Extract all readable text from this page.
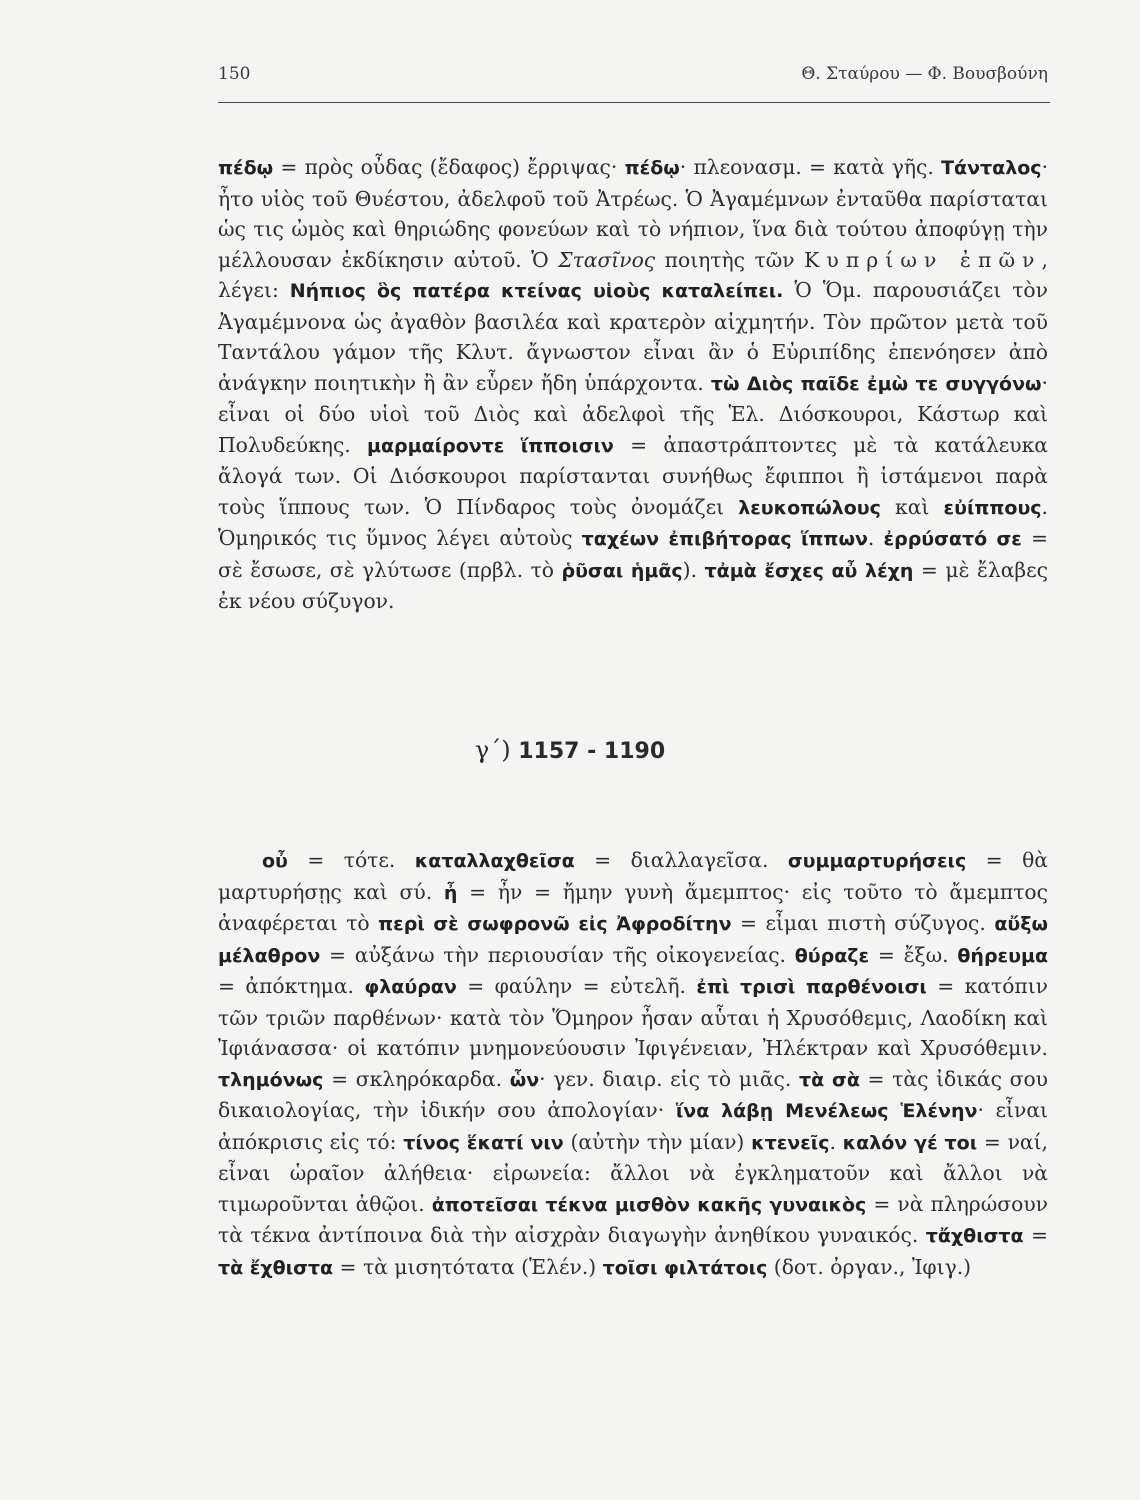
150	Θ. Σταύρου — Φ. Βουσβούνη

πέδῳ = πρὸς οὖδας (ἔδαφος) ἔρριψας· πέδῳ· πλεονασμ. = κατὰ γῆς. Τάνταλος· ἦτο υἱὸς τοῦ Θυέστου, ἀδελφοῦ τοῦ Ἀτρέως. Ὁ Ἀγαμέμνων ἐνταῦθα παρίσταται ὡς τις ὠμὸς καὶ θηριώδης φονεύων καὶ τὸ νήπιον, ἵνα διὰ τούτου ἀποφύγῃ τὴν μέλλουσαν ἐκδίκησιν αὐτοῦ. Ὁ Στασῖνος ποιητὴς τῶν Κυπρίων ἐπῶν, λέγει: Νήπιος ὃς πατέρα κτείνας υἱοὺς καταλείπει. Ὁ Ὅμ. παρουσιάζει τὸν Ἀγαμέμνονα ὡς ἀγαθὸν βασιλέα καὶ κρατερὸν αἰχμητήν. Τὸν πρῶτον μετὰ τοῦ Ταντάλου γάμον τῆς Κλυτ. ἄγνωστον εἶναι ἂν ὁ Εὐριπίδης ἐπενόησεν ἀπὸ ἀνάγκην ποιητικὴν ἢ ἂν εὗρεν ἤδη ὑπάρχοντα. τὼ Διὸς παῖδε ἐμὼ τε συγγόνω· εἶναι οἱ δύο υἱοὶ τοῦ Διὸς καὶ ἀδελφοὶ τῆς Ἑλ. Διόσκουροι, Κάστωρ καὶ Πολυδεύκης. μαρμαίροντε ἵπποισιν = ἀπαστράπτοντες μὲ τὰ κατάλευκα ἄλογά των. Οἱ Διόσκουροι παρίστανται συνήθως ἔφιπποι ἢ ἱστάμενοι παρὰ τοὺς ἵππους των. Ὁ Πίνδαρος τοὺς ὀνομάζει λευκοπώλους καὶ εὐίππους. Ὁμηρικός τις ὕμνος λέγει αὐτοὺς ταχέων ἐπιβήτορας ἵππων. ἐρρύσατό σε = σὲ ἔσωσε, σὲ γλύτωσε (πρβλ. τὸ ῥῦσαι ἡμᾶς). τἀμὰ ἔσχες αὖ λέχη = μὲ ἔλαβες ἐκ νέου σύζυγον.

γ´) 1157 - 1190

οὖ = τότε. καταλλαχθεῖσα = διαλλαγεῖσα. συμμαρτυρήσεις = θὰ μαρτυρήσῃς καὶ σύ. ἦ = ἦν = ἤμην γυνὴ ἄμεμπτος· εἰς τοῦτο τὸ ἄμεμπτος ἀναφέρεται τὸ περὶ σὲ σωφρονῶ εἰς Ἀφροδίτην = εἶμαι πιστὴ σύζυγος. αὔξω μέλαθρον = αὐξάνω τὴν περιουσίαν τῆς οἰκογενείας. θύραζε = ἔξω. θήρευμα = ἀπόκτημα. φλαύραν = φαύλην = εὐτελῆ. ἐπὶ τρισὶ παρθένοισι = κατόπιν τῶν τριῶν παρθένων· κατὰ τὸν Ὅμηρον ἦσαν αὗται ἡ Χρυσόθεμις, Λαοδίκη καὶ Ἰφιάνασσα· οἱ κατόπιν μνημονεύουσιν Ἰφιγένειαν, Ἠλέκτραν καὶ Χρυσόθεμιν. τλημόνως = σκληρόκαρδα. ὧν· γεν. διαιρ. εἰς τὸ μιᾶς. τὰ σὰ = τὰς ἰδικάς σου δικαιολογίας, τὴν ἰδικήν σου ἀπολογίαν· ἵνα λάβῃ Μενέλεως Ἑλένην· εἶναι ἀπόκρισις εἰς τό: τίνος ἕκατί νιν (αὐτὴν τὴν μίαν) κτενεῖς. καλόν γέ τοι = ναί, εἶναι ὡραῖον ἀλήθεια· εἰρωνεία: ἄλλοι νὰ ἐγκληματοῦν καὶ ἄλλοι νὰ τιμωροῦνται ἀθῷοι. ἀποτεῖσαι τέκνα μισθὸν κακῆς γυναικὸς = νὰ πληρώσουν τὰ τέκνα ἀντίποινα διὰ τὴν αἰσχρὰν διαγωγὴν ἀνηθίκου γυναικός. τἄχθιστα = τὰ ἔχθιστα = τὰ μισητότατα (Ἑλέν.) τοῖσι φιλτάτοις (δοτ. ὀργαν., Ἰφιγ.)
